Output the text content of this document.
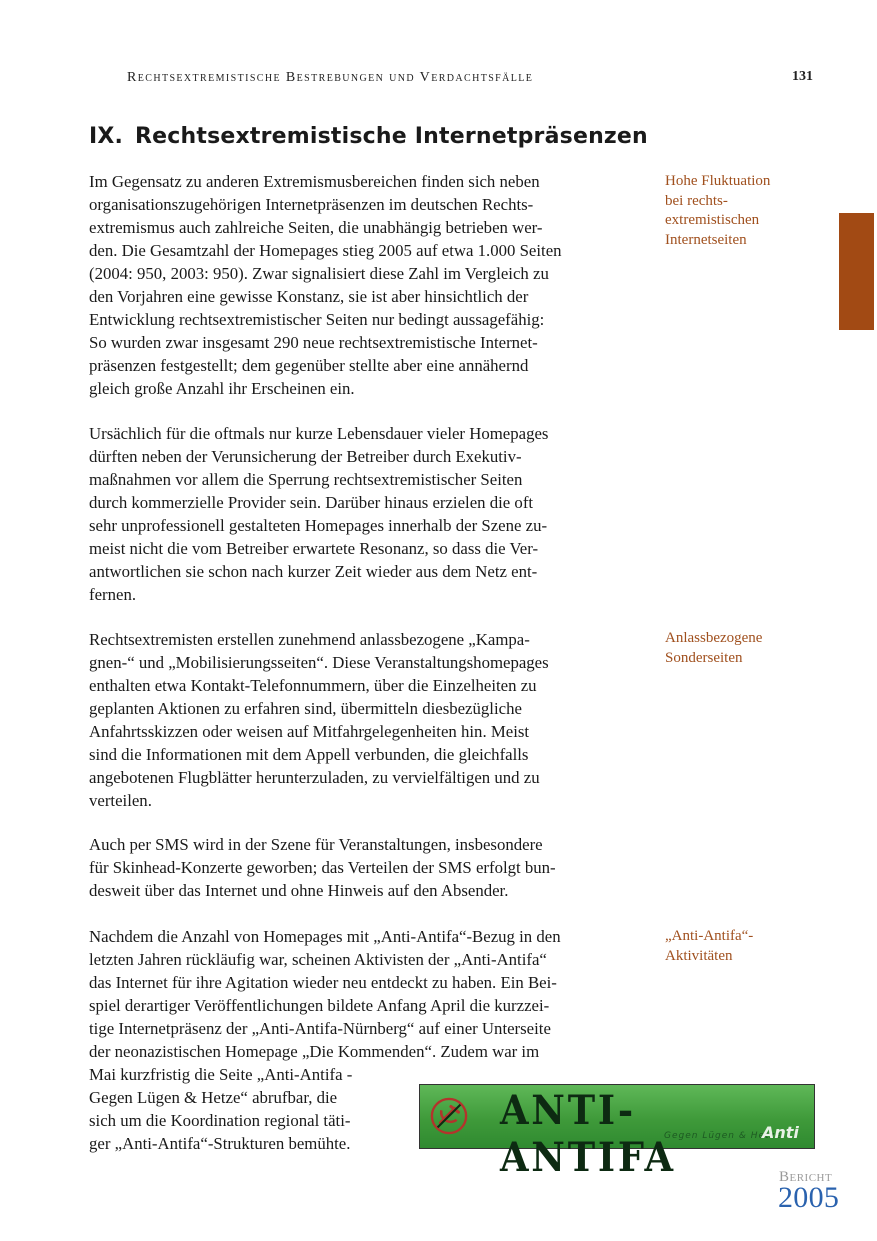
Rechtsextremistische Bestrebungen und Verdachtsfälle	131
IX. Rechtsextremistische Internetpräsenzen

Im Gegensatz zu anderen Extremismusbereichen finden sich neben
organisationszugehörigen Internetpräsenzen im deutschen Rechts-
extremismus auch zahlreiche Seiten, die unabhängig betrieben wer-
den. Die Gesamtzahl der Homepages stieg 2005 auf etwa 1.000 Seiten
(2004: 950, 2003: 950). Zwar signalisiert diese Zahl im Vergleich zu
den Vorjahren eine gewisse Konstanz, sie ist aber hinsichtlich der
Entwicklung rechtsextremistischer Seiten nur bedingt aussagefähig:
So wurden zwar insgesamt 290 neue rechtsextremistische Internet-
präsenzen festgestellt; dem gegenüber stellte aber eine annähernd
gleich große Anzahl ihr Erscheinen ein.

Ursächlich für die oftmals nur kurze Lebensdauer vieler Homepages
dürften neben der Verunsicherung der Betreiber durch Exekutiv-
maßnahmen vor allem die Sperrung rechtsextremistischer Seiten
durch kommerzielle Provider sein. Darüber hinaus erzielen die oft
sehr unprofessionell gestalteten Homepages innerhalb der Szene zu-
meist nicht die vom Betreiber erwartete Resonanz, so dass die Ver-
antwortlichen sie schon nach kurzer Zeit wieder aus dem Netz ent-
fernen.

Rechtsextremisten erstellen zunehmend anlassbezogene „Kampa-
gnen-“ und „Mobilisierungsseiten“. Diese Veranstaltungshomepages
enthalten etwa Kontakt-Telefonnummern, über die Einzelheiten zu
geplanten Aktionen zu erfahren sind, übermitteln diesbezügliche
Anfahrtsskizzen oder weisen auf Mitfahrgelegenheiten hin. Meist
sind die Informationen mit dem Appell verbunden, die gleichfalls
angebotenen Flugblätter herunterzuladen, zu vervielfältigen und zu
verteilen.

Auch per SMS wird in der Szene für Veranstaltungen, insbesondere
für Skinhead-Konzerte geworben; das Verteilen der SMS erfolgt bun-
desweit über das Internet und ohne Hinweis auf den Absender.

Nachdem die Anzahl von Homepages mit „Anti-Antifa“-Bezug in den
letzten Jahren rückläufig war, scheinen Aktivisten der „Anti-Antifa“
das Internet für ihre Agitation wieder neu entdeckt zu haben. Ein Bei-
spiel derartiger Veröffentlichungen bildete Anfang April die kurzzei-
tige Internetpräsenz der „Anti-Antifa-Nürnberg“ auf einer Unterseite
der neonazistischen Homepage „Die Kommenden“. Zudem war im
Mai kurzfristig die Seite „Anti-Antifa -
Gegen Lügen & Hetze“ abrufbar, die
sich um die Koordination regional täti-
ger „Anti-Antifa“-Strukturen bemühte.

Hohe Fluktuation
bei rechts-
extremistischen
Internetseiten

Anlassbezogene
Sonderseiten

„Anti-Antifa“-
Aktivitäten

ANTI-ANTIFA
Gegen Lügen & Hetze
Anti
Bericht
2005
